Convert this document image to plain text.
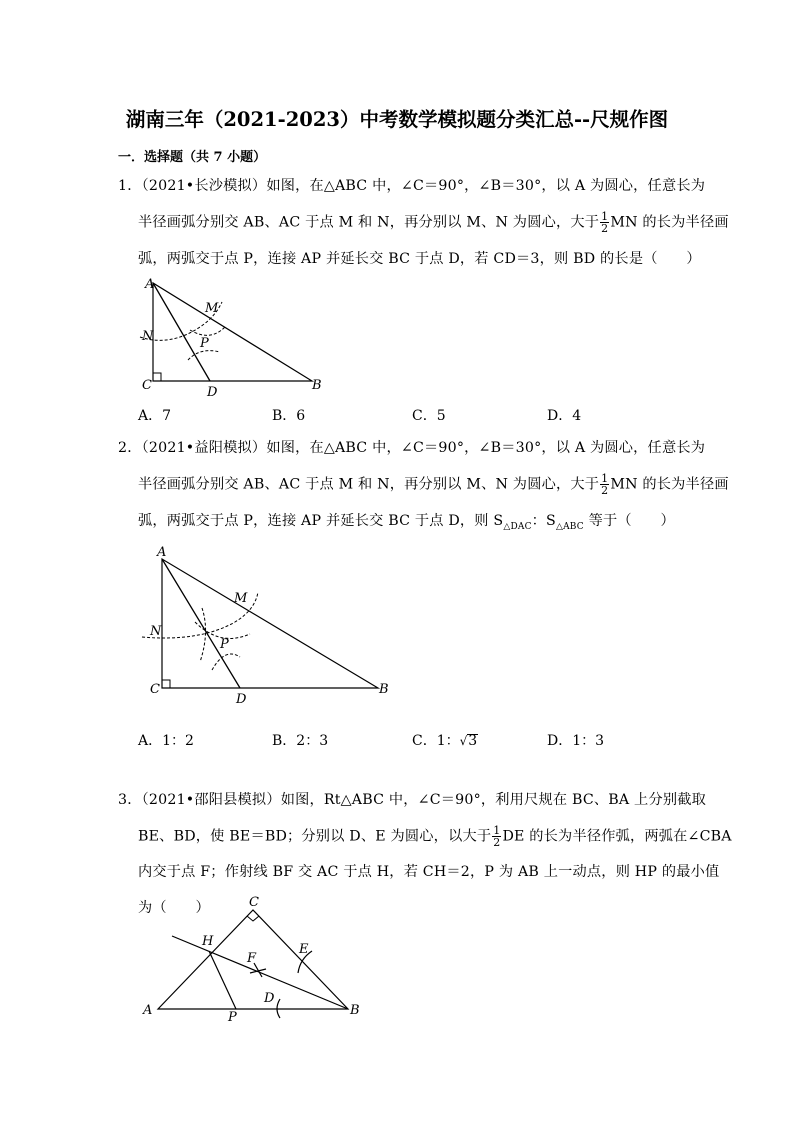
湖南三年（2021-2023）中考数学模拟题分类汇总--尺规作图
一．选择题（共 7 小题）
1．（2021•长沙模拟）如图，在△ABC 中，∠C＝90°，∠B＝30°，以 A 为圆心，任意长为
半径画弧分别交 AB、AC 于点 M 和 N，再分别以 M、N 为圆心，大于 $\frac{1}{2}$ MN 的长为半径画
弧，两弧交于点 P，连接 AP 并延长交 BC 于点 D，若 CD＝3，则 BD 的长是（　　）
A
M
N	P
C	D	B
A．7	B．6	C．5	D．4
2．（2021•益阳模拟）如图，在△ABC 中，∠C＝90°，∠B＝30°，以 A 为圆心，任意长为
半径画弧分别交 AB、AC 于点 M 和 N，再分别以 M、N 为圆心，大于 $\frac{1}{2}$ MN 的长为半径画
弧，两弧交于点 P，连接 AP 并延长交 BC 于点 D，则 $S_{\triangle DAC}$：$S_{\triangle ABC}$ 等于（　　）
A
M
N
P
C
D
B
A．1：2	B．2：3	C．1：√3	D．1：3
3．（2021•邵阳县模拟）如图，Rt△ABC 中，∠C＝90°，利用尺规在 BC、BA 上分别截取
BE、BD，使 BE＝BD；分别以 D、E 为圆心，以大于 $\frac{1}{2}$ DE 的长为半径作弧，两弧在∠CBA
内交于点 F；作射线 BF 交 AC 于点 H，若 CH＝2，P 为 AB 上一动点，则 HP 的最小值
为（　　）	C
H
F
E
D
A	P	B
